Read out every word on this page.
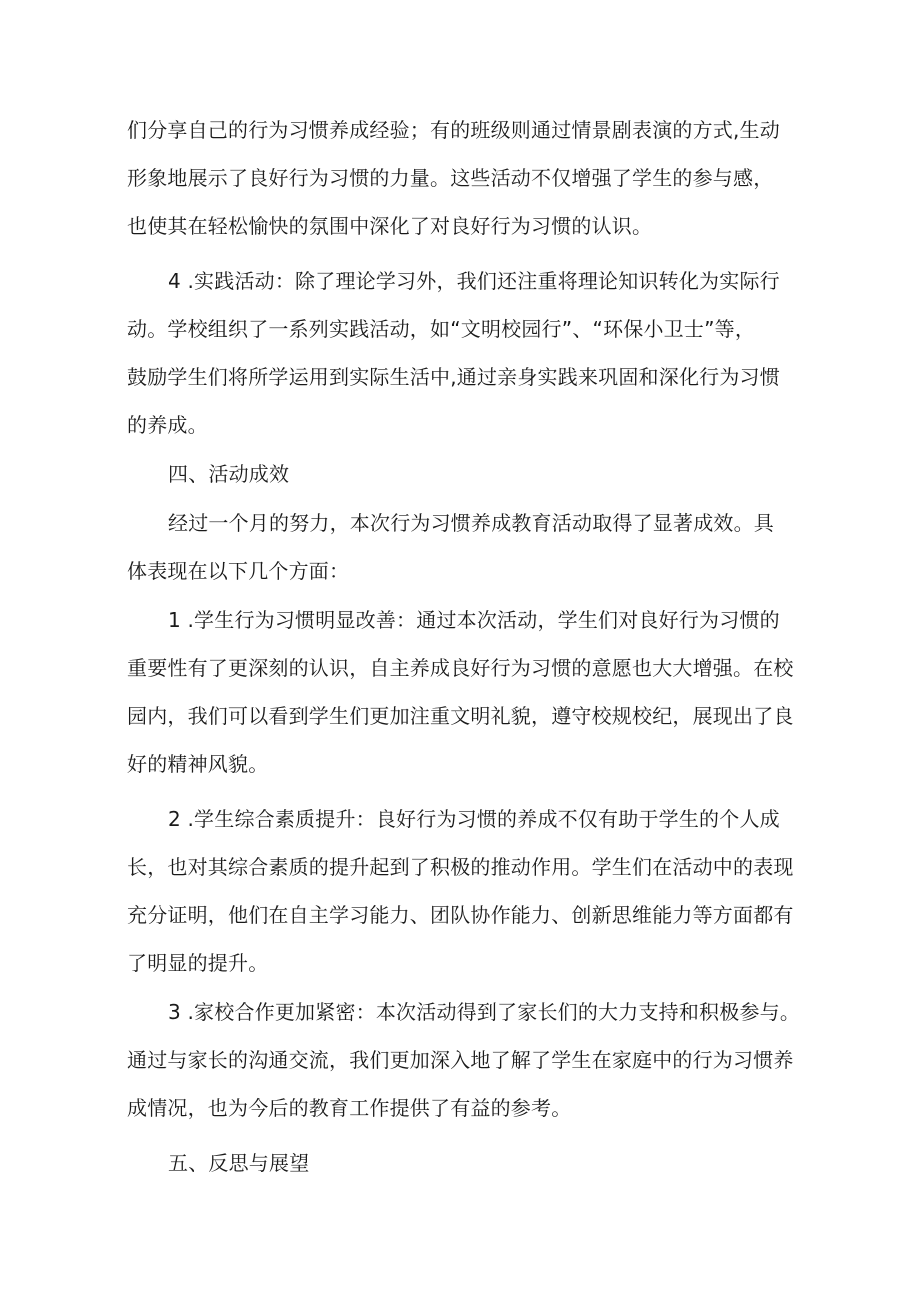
们分享自己的行为习惯养成经验；有的班级则通过情景剧表演的方式,生动
形象地展示了良好行为习惯的力量。这些活动不仅增强了学生的参与感，
也使其在轻松愉快的氛围中深化了对良好行为习惯的认识。
4 .实践活动：除了理论学习外，我们还注重将理论知识转化为实际行
动。学校组织了一系列实践活动，如“文明校园行”、“环保小卫士”等，
鼓励学生们将所学运用到实际生活中,通过亲身实践来巩固和深化行为习惯
的养成。
四、活动成效
经过一个月的努力，本次行为习惯养成教育活动取得了显著成效。具
体表现在以下几个方面：
1 .学生行为习惯明显改善：通过本次活动，学生们对良好行为习惯的
重要性有了更深刻的认识，自主养成良好行为习惯的意愿也大大增强。在校
园内，我们可以看到学生们更加注重文明礼貌，遵守校规校纪，展现出了良
好的精神风貌。
2 .学生综合素质提升：良好行为习惯的养成不仅有助于学生的个人成
长，也对其综合素质的提升起到了积极的推动作用。学生们在活动中的表现
充分证明，他们在自主学习能力、团队协作能力、创新思维能力等方面都有
了明显的提升。
3 .家校合作更加紧密：本次活动得到了家长们的大力支持和积极参与。
通过与家长的沟通交流，我们更加深入地了解了学生在家庭中的行为习惯养
成情况，也为今后的教育工作提供了有益的参考。
五、反思与展望
